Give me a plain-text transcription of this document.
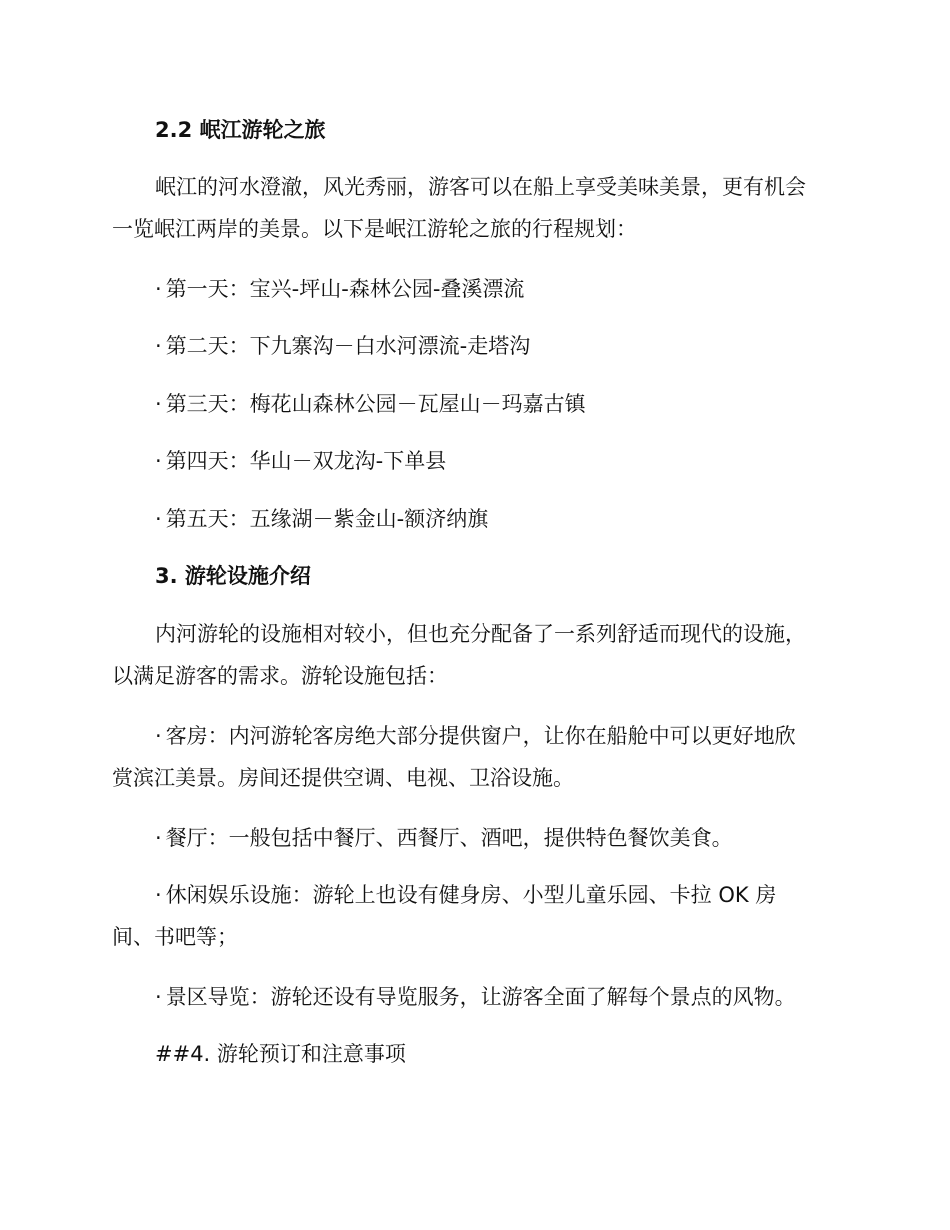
2.2 岷江游轮之旅
岷江的河水澄澈，风光秀丽，游客可以在船上享受美味美景，更有机会
一览岷江两岸的美景。以下是岷江游轮之旅的行程规划：
· 第一天：宝兴-坪山-森林公园-叠溪漂流
· 第二天：下九寨沟－白水河漂流-走塔沟
· 第三天：梅花山森林公园－瓦屋山－玛嘉古镇
· 第四天：华山－双龙沟-下单县
· 第五天：五缘湖－紫金山-额济纳旗
3. 游轮设施介绍
内河游轮的设施相对较小，但也充分配备了一系列舒适而现代的设施，
以满足游客的需求。游轮设施包括：
· 客房：内河游轮客房绝大部分提供窗户，让你在船舱中可以更好地欣
赏滨江美景。房间还提供空调、电视、卫浴设施。
· 餐厅：一般包括中餐厅、西餐厅、酒吧，提供特色餐饮美食。
· 休闲娱乐设施：游轮上也设有健身房、小型儿童乐园、卡拉 OK 房
间、书吧等；
· 景区导览：游轮还设有导览服务，让游客全面了解每个景点的风物。
##4. 游轮预订和注意事项
